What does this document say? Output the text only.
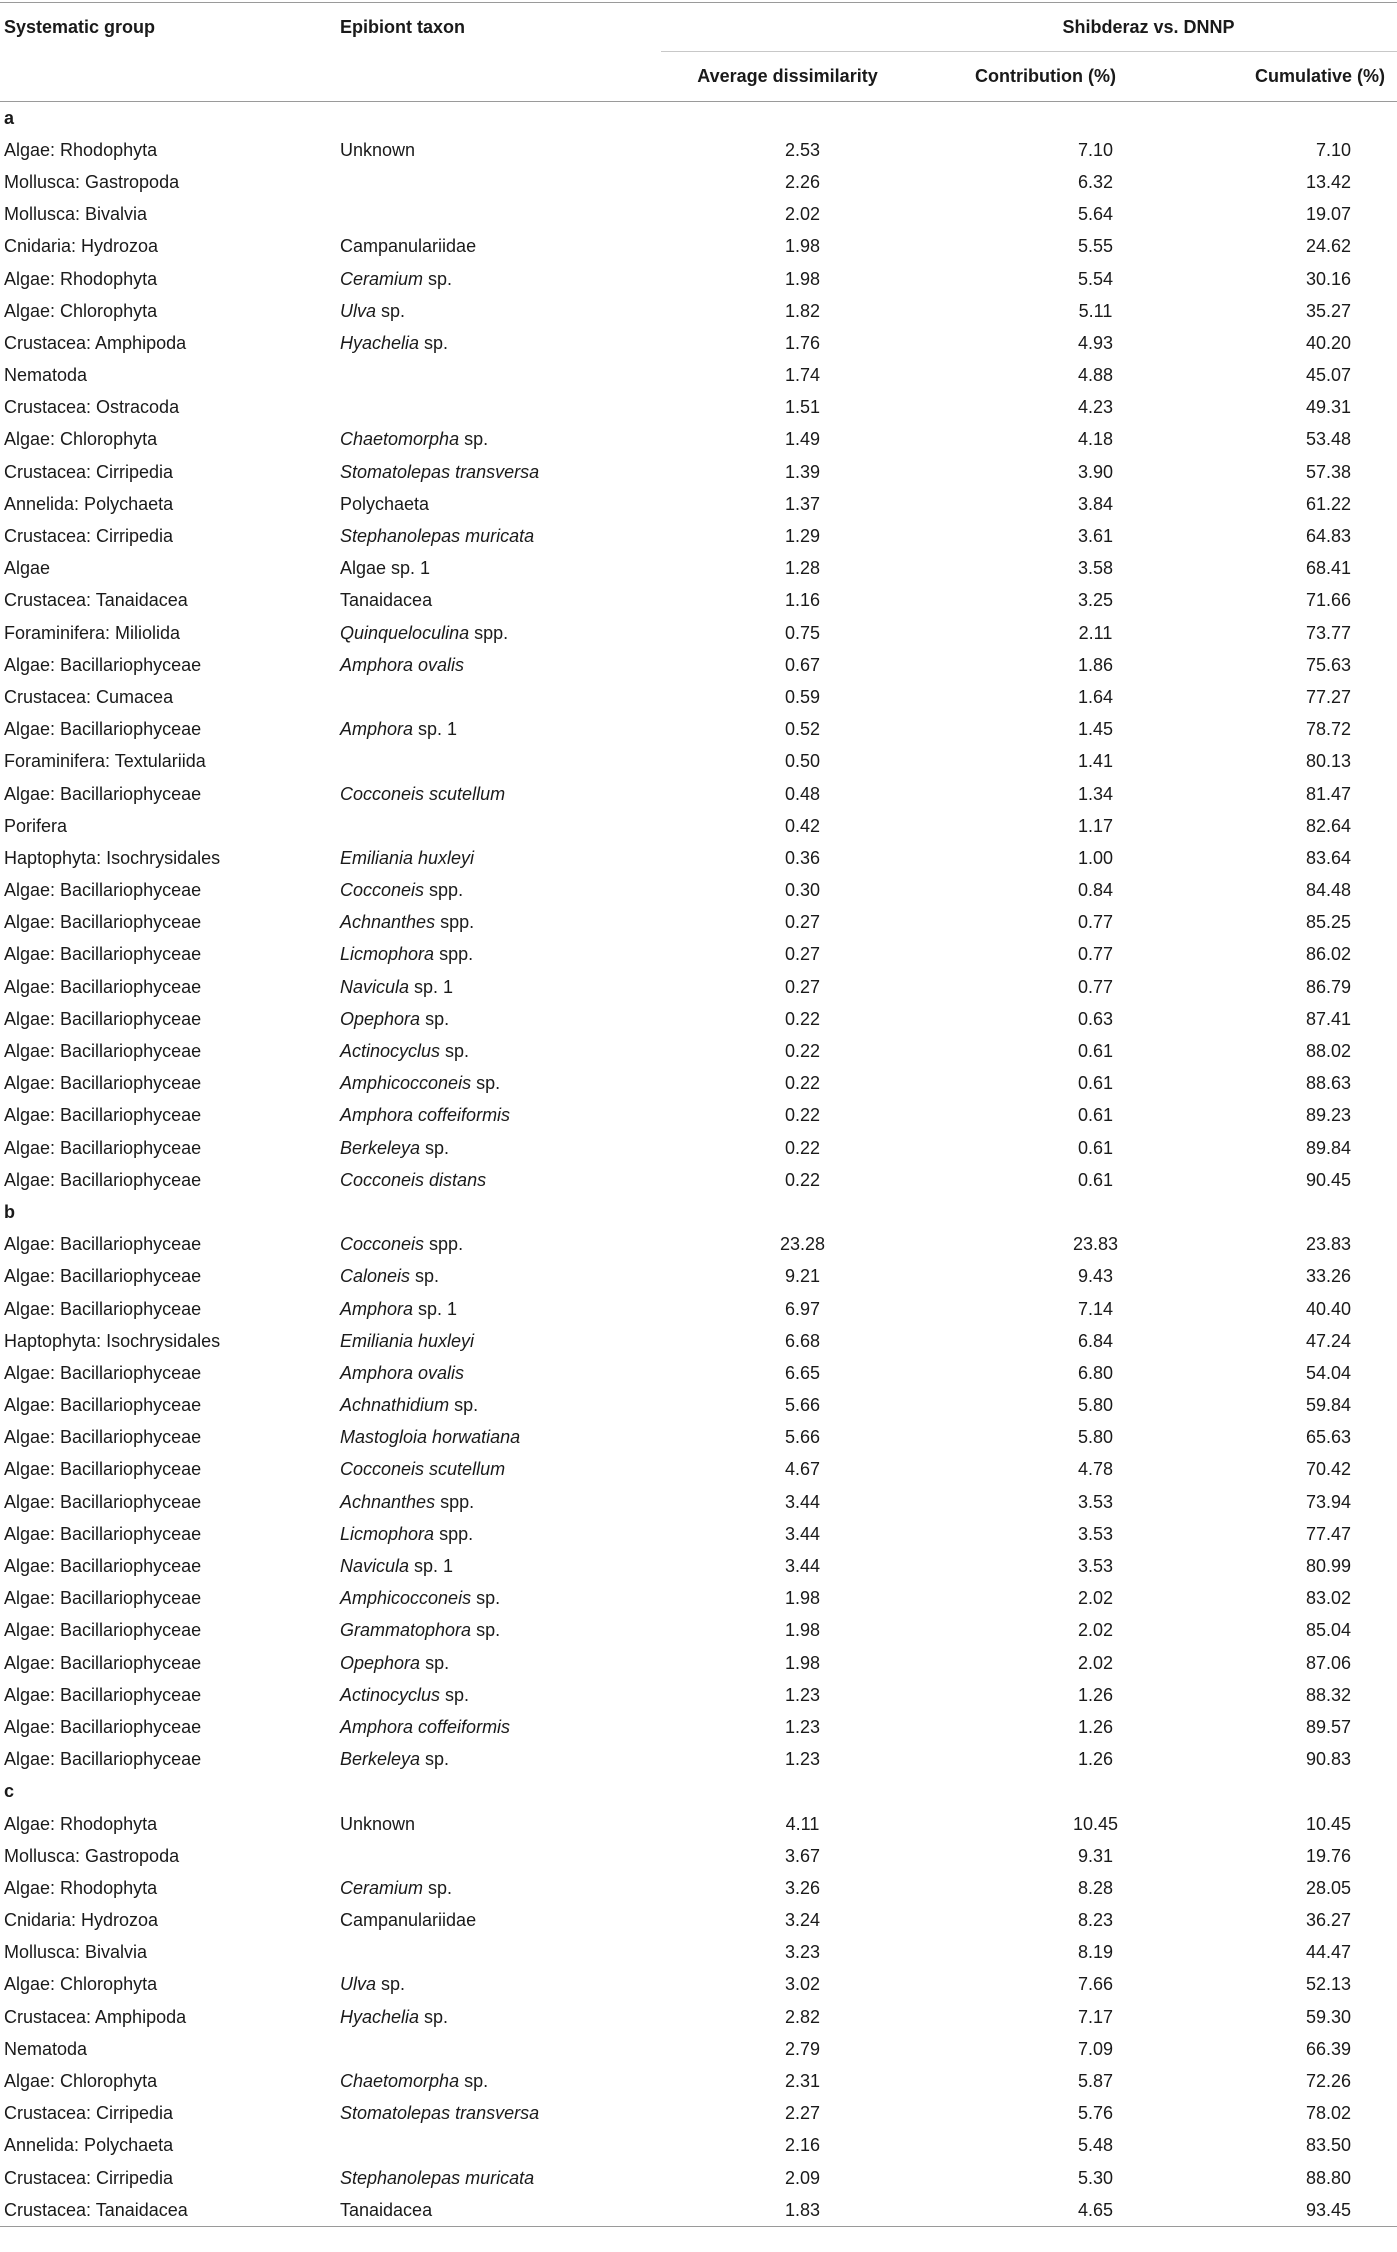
Systematic group	Epibiont taxon	Shibderaz vs. DNNP		
		Average dissimilarity	Contribution (%)	Cumulative (%)
a				
Algae: Rhodophyta	Unknown	2.53	7.10	7.10
Mollusca: Gastropoda		2.26	6.32	13.42
Mollusca: Bivalvia		2.02	5.64	19.07
Cnidaria: Hydrozoa	Campanulariidae	1.98	5.55	24.62
Algae: Rhodophyta	Ceramium sp.	1.98	5.54	30.16
Algae: Chlorophyta	Ulva sp.	1.82	5.11	35.27
Crustacea: Amphipoda	Hyachelia sp.	1.76	4.93	40.20
Nematoda		1.74	4.88	45.07
Crustacea: Ostracoda		1.51	4.23	49.31
Algae: Chlorophyta	Chaetomorpha sp.	1.49	4.18	53.48
Crustacea: Cirripedia	Stomatolepas transversa	1.39	3.90	57.38
Annelida: Polychaeta	Polychaeta	1.37	3.84	61.22
Crustacea: Cirripedia	Stephanolepas muricata	1.29	3.61	64.83
Algae	Algae sp. 1	1.28	3.58	68.41
Crustacea: Tanaidacea	Tanaidacea	1.16	3.25	71.66
Foraminifera: Miliolida	Quinqueloculina spp.	0.75	2.11	73.77
Algae: Bacillariophyceae	Amphora ovalis	0.67	1.86	75.63
Crustacea: Cumacea		0.59	1.64	77.27
Algae: Bacillariophyceae	Amphora sp. 1	0.52	1.45	78.72
Foraminifera: Textulariida		0.50	1.41	80.13
Algae: Bacillariophyceae	Cocconeis scutellum	0.48	1.34	81.47
Porifera		0.42	1.17	82.64
Haptophyta: Isochrysidales	Emiliania huxleyi	0.36	1.00	83.64
Algae: Bacillariophyceae	Cocconeis spp.	0.30	0.84	84.48
Algae: Bacillariophyceae	Achnanthes spp.	0.27	0.77	85.25
Algae: Bacillariophyceae	Licmophora spp.	0.27	0.77	86.02
Algae: Bacillariophyceae	Navicula sp. 1	0.27	0.77	86.79
Algae: Bacillariophyceae	Opephora sp.	0.22	0.63	87.41
Algae: Bacillariophyceae	Actinocyclus sp.	0.22	0.61	88.02
Algae: Bacillariophyceae	Amphicocconeis sp.	0.22	0.61	88.63
Algae: Bacillariophyceae	Amphora coffeiformis	0.22	0.61	89.23
Algae: Bacillariophyceae	Berkeleya sp.	0.22	0.61	89.84
Algae: Bacillariophyceae	Cocconeis distans	0.22	0.61	90.45
b				
Algae: Bacillariophyceae	Cocconeis spp.	23.28	23.83	23.83
Algae: Bacillariophyceae	Caloneis sp.	9.21	9.43	33.26
Algae: Bacillariophyceae	Amphora sp. 1	6.97	7.14	40.40
Haptophyta: Isochrysidales	Emiliania huxleyi	6.68	6.84	47.24
Algae: Bacillariophyceae	Amphora ovalis	6.65	6.80	54.04
Algae: Bacillariophyceae	Achnathidium sp.	5.66	5.80	59.84
Algae: Bacillariophyceae	Mastogloia horwatiana	5.66	5.80	65.63
Algae: Bacillariophyceae	Cocconeis scutellum	4.67	4.78	70.42
Algae: Bacillariophyceae	Achnanthes spp.	3.44	3.53	73.94
Algae: Bacillariophyceae	Licmophora spp.	3.44	3.53	77.47
Algae: Bacillariophyceae	Navicula sp. 1	3.44	3.53	80.99
Algae: Bacillariophyceae	Amphicocconeis sp.	1.98	2.02	83.02
Algae: Bacillariophyceae	Grammatophora sp.	1.98	2.02	85.04
Algae: Bacillariophyceae	Opephora sp.	1.98	2.02	87.06
Algae: Bacillariophyceae	Actinocyclus sp.	1.23	1.26	88.32
Algae: Bacillariophyceae	Amphora coffeiformis	1.23	1.26	89.57
Algae: Bacillariophyceae	Berkeleya sp.	1.23	1.26	90.83
c				
Algae: Rhodophyta	Unknown	4.11	10.45	10.45
Mollusca: Gastropoda		3.67	9.31	19.76
Algae: Rhodophyta	Ceramium sp.	3.26	8.28	28.05
Cnidaria: Hydrozoa	Campanulariidae	3.24	8.23	36.27
Mollusca: Bivalvia		3.23	8.19	44.47
Algae: Chlorophyta	Ulva sp.	3.02	7.66	52.13
Crustacea: Amphipoda	Hyachelia sp.	2.82	7.17	59.30
Nematoda		2.79	7.09	66.39
Algae: Chlorophyta	Chaetomorpha sp.	2.31	5.87	72.26
Crustacea: Cirripedia	Stomatolepas transversa	2.27	5.76	78.02
Annelida: Polychaeta		2.16	5.48	83.50
Crustacea: Cirripedia	Stephanolepas muricata	2.09	5.30	88.80
Crustacea: Tanaidacea	Tanaidacea	1.83	4.65	93.45
